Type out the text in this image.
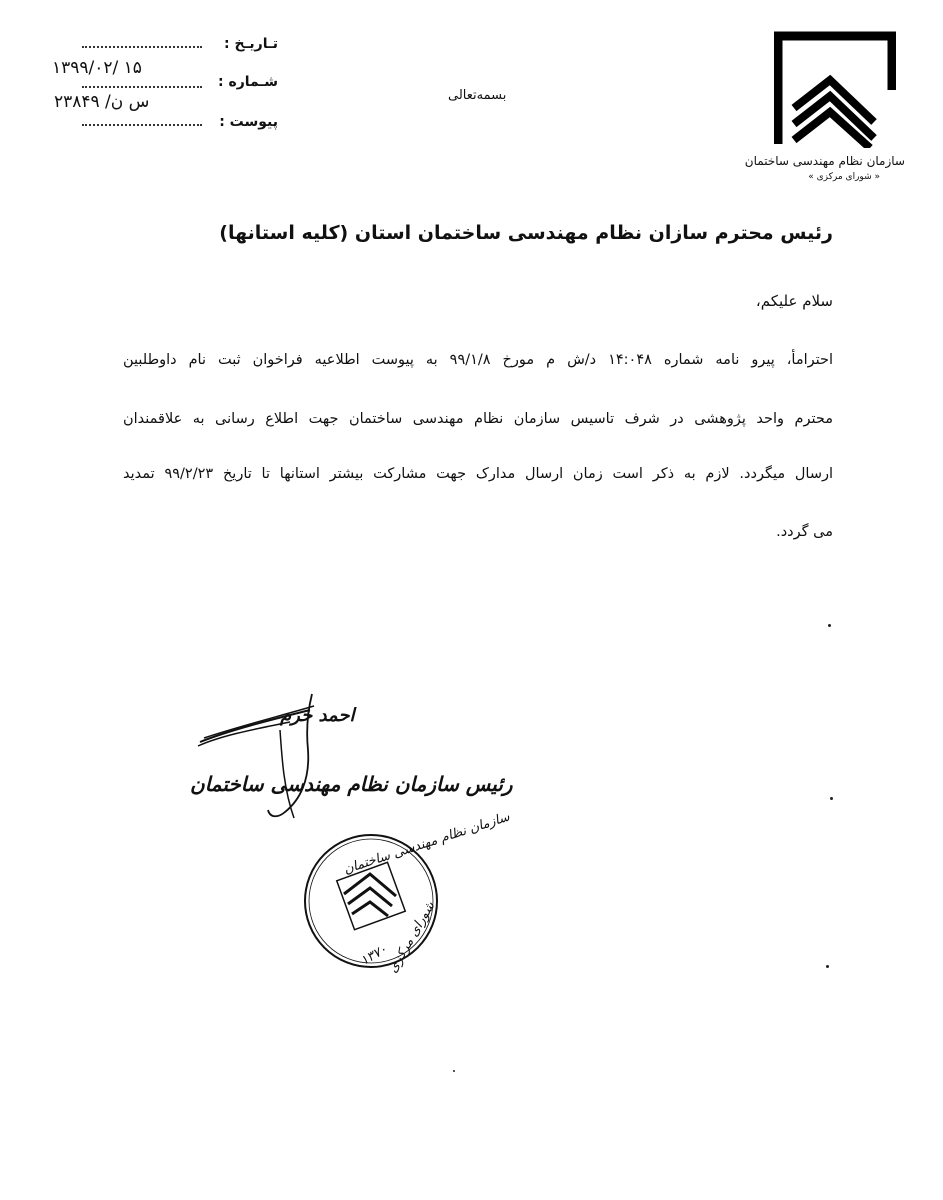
سازمان نظام مهندسی ساختمان
« شورای مرکزی »
تـاریـخ :
۱۳۹۹/۰۲/ ۱۵
شـماره :
۲۳۸۴۹ /س ن
پیوست :
بسمه‌تعالی
رئیس محترم سازان نظام مهندسی ساختمان استان (کلیه استانها)
سلام علیکم،
احترامأ، پیرو نامه شماره ۱۴:۰۴۸ د/ش م مورخ ۹۹/۱/۸ به پیوست اطلاعیه فراخوان ثبت نام داوطلبین
محترم واحد پژوهشی در شرف تاسیس سازمان نظام مهندسی ساختمان جهت اطلاع رسانی به علاقمندان
ارسال میگردد. لازم به ذکر است زمان ارسال مدارک جهت مشارکت بیشتر استانها تا تاریخ ۹۹/۲/۲۳ تمدید
می گردد.
احمد خرم
رئیس سازمان نظام مهندسی ساختمان
سازمان نظام مهندسی ساختمان
شورای مرکزی
۱۳۷۰
